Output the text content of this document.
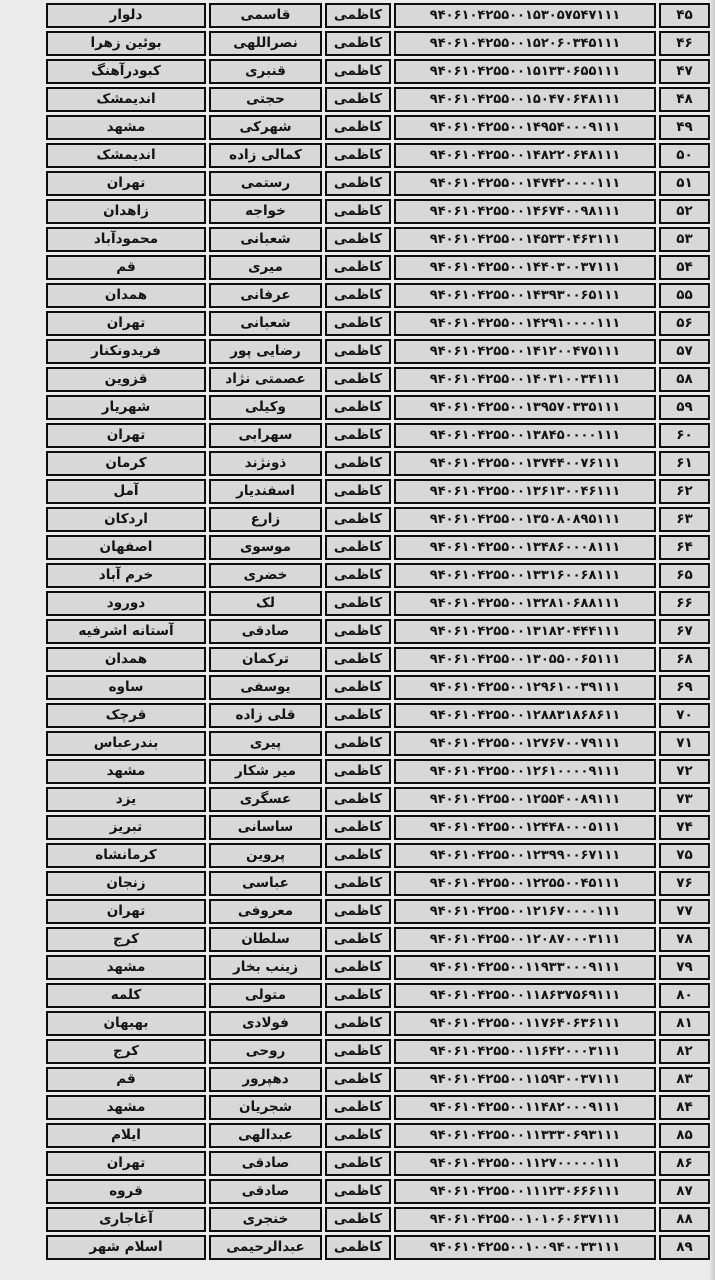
۴۵	۹۴۰۶۱۰۴۲۵۵۰۰۱۵۳۰۵۷۵۴۷۱۱۱	کاظمی	قاسمی	دلوار
۴۶	۹۴۰۶۱۰۴۲۵۵۰۰۱۵۲۰۶۰۳۴۵۱۱۱	کاظمی	نصراللهی	بوئین زهرا
۴۷	۹۴۰۶۱۰۴۲۵۵۰۰۱۵۱۳۳۰۶۵۵۱۱۱	کاظمی	قنبری	کبودرآهنگ
۴۸	۹۴۰۶۱۰۴۲۵۵۰۰۱۵۰۴۷۰۶۴۸۱۱۱	کاظمی	حجتی	اندیمشک
۴۹	۹۴۰۶۱۰۴۲۵۵۰۰۱۴۹۵۴۰۰۰۹۱۱۱	کاظمی	شهرکی	مشهد
۵۰	۹۴۰۶۱۰۴۲۵۵۰۰۱۴۸۲۲۰۶۴۸۱۱۱	کاظمی	کمالی زاده	اندیمشک
۵۱	۹۴۰۶۱۰۴۲۵۵۰۰۱۴۷۴۲۰۰۰۰۱۱۱	کاظمی	رستمی	تهران
۵۲	۹۴۰۶۱۰۴۲۵۵۰۰۱۴۶۷۴۰۰۹۸۱۱۱	کاظمی	خواجه	زاهدان
۵۳	۹۴۰۶۱۰۴۲۵۵۰۰۱۴۵۳۳۰۴۶۳۱۱۱	کاظمی	شعبانی	محمودآباد
۵۴	۹۴۰۶۱۰۴۲۵۵۰۰۱۴۴۰۳۰۰۳۷۱۱۱	کاظمی	میری	قم
۵۵	۹۴۰۶۱۰۴۲۵۵۰۰۱۴۳۹۳۰۰۶۵۱۱۱	کاظمی	عرفانی	همدان
۵۶	۹۴۰۶۱۰۴۲۵۵۰۰۱۴۲۹۱۰۰۰۰۱۱۱	کاظمی	شعبانی	تهران
۵۷	۹۴۰۶۱۰۴۲۵۵۰۰۱۴۱۲۰۰۴۷۵۱۱۱	کاظمی	رضایی پور	فریدونکنار
۵۸	۹۴۰۶۱۰۴۲۵۵۰۰۱۴۰۳۱۰۰۳۴۱۱۱	کاظمی	عصمتی نژاد	قزوین
۵۹	۹۴۰۶۱۰۴۲۵۵۰۰۱۳۹۵۷۰۳۳۵۱۱۱	کاظمی	وکیلی	شهریار
۶۰	۹۴۰۶۱۰۴۲۵۵۰۰۱۳۸۴۵۰۰۰۰۱۱۱	کاظمی	سهرابی	تهران
۶۱	۹۴۰۶۱۰۴۲۵۵۰۰۱۳۷۴۴۰۰۷۶۱۱۱	کاظمی	ذونژند	کرمان
۶۲	۹۴۰۶۱۰۴۲۵۵۰۰۱۳۶۱۳۰۰۴۶۱۱۱	کاظمی	اسفندیار	آمل
۶۳	۹۴۰۶۱۰۴۲۵۵۰۰۱۳۵۰۸۰۸۹۵۱۱۱	کاظمی	زارع	اردکان
۶۴	۹۴۰۶۱۰۴۲۵۵۰۰۱۳۴۸۶۰۰۰۸۱۱۱	کاظمی	موسوی	اصفهان
۶۵	۹۴۰۶۱۰۴۲۵۵۰۰۱۳۳۱۶۰۰۶۸۱۱۱	کاظمی	خضری	خرم آباد
۶۶	۹۴۰۶۱۰۴۲۵۵۰۰۱۳۲۸۱۰۶۸۸۱۱۱	کاظمی	لک	دورود
۶۷	۹۴۰۶۱۰۴۲۵۵۰۰۱۳۱۸۲۰۴۴۴۱۱۱	کاظمی	صادقی	آستانه اشرفیه
۶۸	۹۴۰۶۱۰۴۲۵۵۰۰۱۳۰۵۵۰۰۶۵۱۱۱	کاظمی	ترکمان	همدان
۶۹	۹۴۰۶۱۰۴۲۵۵۰۰۱۲۹۶۱۰۰۳۹۱۱۱	کاظمی	یوسفی	ساوه
۷۰	۹۴۰۶۱۰۴۲۵۵۰۰۱۲۸۸۳۱۸۶۸۶۱۱	کاظمی	قلی زاده	قرچک
۷۱	۹۴۰۶۱۰۴۲۵۵۰۰۱۲۷۶۷۰۰۷۹۱۱۱	کاظمی	پیری	بندرعباس
۷۲	۹۴۰۶۱۰۴۲۵۵۰۰۱۲۶۱۰۰۰۰۹۱۱۱	کاظمی	میر شکار	مشهد
۷۳	۹۴۰۶۱۰۴۲۵۵۰۰۱۲۵۵۴۰۰۸۹۱۱۱	کاظمی	عسگری	یزد
۷۴	۹۴۰۶۱۰۴۲۵۵۰۰۱۲۴۴۸۰۰۰۵۱۱۱	کاظمی	ساسانی	تبریز
۷۵	۹۴۰۶۱۰۴۲۵۵۰۰۱۲۳۹۹۰۰۶۷۱۱۱	کاظمی	پروین	کرمانشاه
۷۶	۹۴۰۶۱۰۴۲۵۵۰۰۱۲۲۵۵۰۰۴۵۱۱۱	کاظمی	عباسی	زنجان
۷۷	۹۴۰۶۱۰۴۲۵۵۰۰۱۲۱۶۷۰۰۰۰۱۱۱	کاظمی	معروفی	تهران
۷۸	۹۴۰۶۱۰۴۲۵۵۰۰۱۲۰۸۷۰۰۰۳۱۱۱	کاظمی	سلطان	کرج
۷۹	۹۴۰۶۱۰۴۲۵۵۰۰۱۱۹۳۳۰۰۰۹۱۱۱	کاظمی	زینب بخار	مشهد
۸۰	۹۴۰۶۱۰۴۲۵۵۰۰۱۱۸۶۳۷۵۶۹۱۱۱	کاظمی	متولی	کلمه
۸۱	۹۴۰۶۱۰۴۲۵۵۰۰۱۱۷۶۴۰۶۳۶۱۱۱	کاظمی	فولادی	بهبهان
۸۲	۹۴۰۶۱۰۴۲۵۵۰۰۱۱۶۴۲۰۰۰۳۱۱۱	کاظمی	روحی	کرج
۸۳	۹۴۰۶۱۰۴۲۵۵۰۰۱۱۵۹۳۰۰۳۷۱۱۱	کاظمی	دهپرور	قم
۸۴	۹۴۰۶۱۰۴۲۵۵۰۰۱۱۴۸۲۰۰۰۹۱۱۱	کاظمی	شجریان	مشهد
۸۵	۹۴۰۶۱۰۴۲۵۵۰۰۱۱۳۳۳۰۶۹۳۱۱۱	کاظمی	عبدالهی	ایلام
۸۶	۹۴۰۶۱۰۴۲۵۵۰۰۱۱۲۷۰۰۰۰۰۱۱۱	کاظمی	صادقی	تهران
۸۷	۹۴۰۶۱۰۴۲۵۵۰۰۱۱۱۲۳۰۶۶۶۱۱۱	کاظمی	صادقی	قروه
۸۸	۹۴۰۶۱۰۴۲۵۵۰۰۱۰۱۰۶۰۶۳۷۱۱۱	کاظمی	خنجری	آغاجاری
۸۹	۹۴۰۶۱۰۴۲۵۵۰۰۱۰۰۹۴۰۰۳۳۱۱۱	کاظمی	عبدالرحیمی	اسلام شهر
